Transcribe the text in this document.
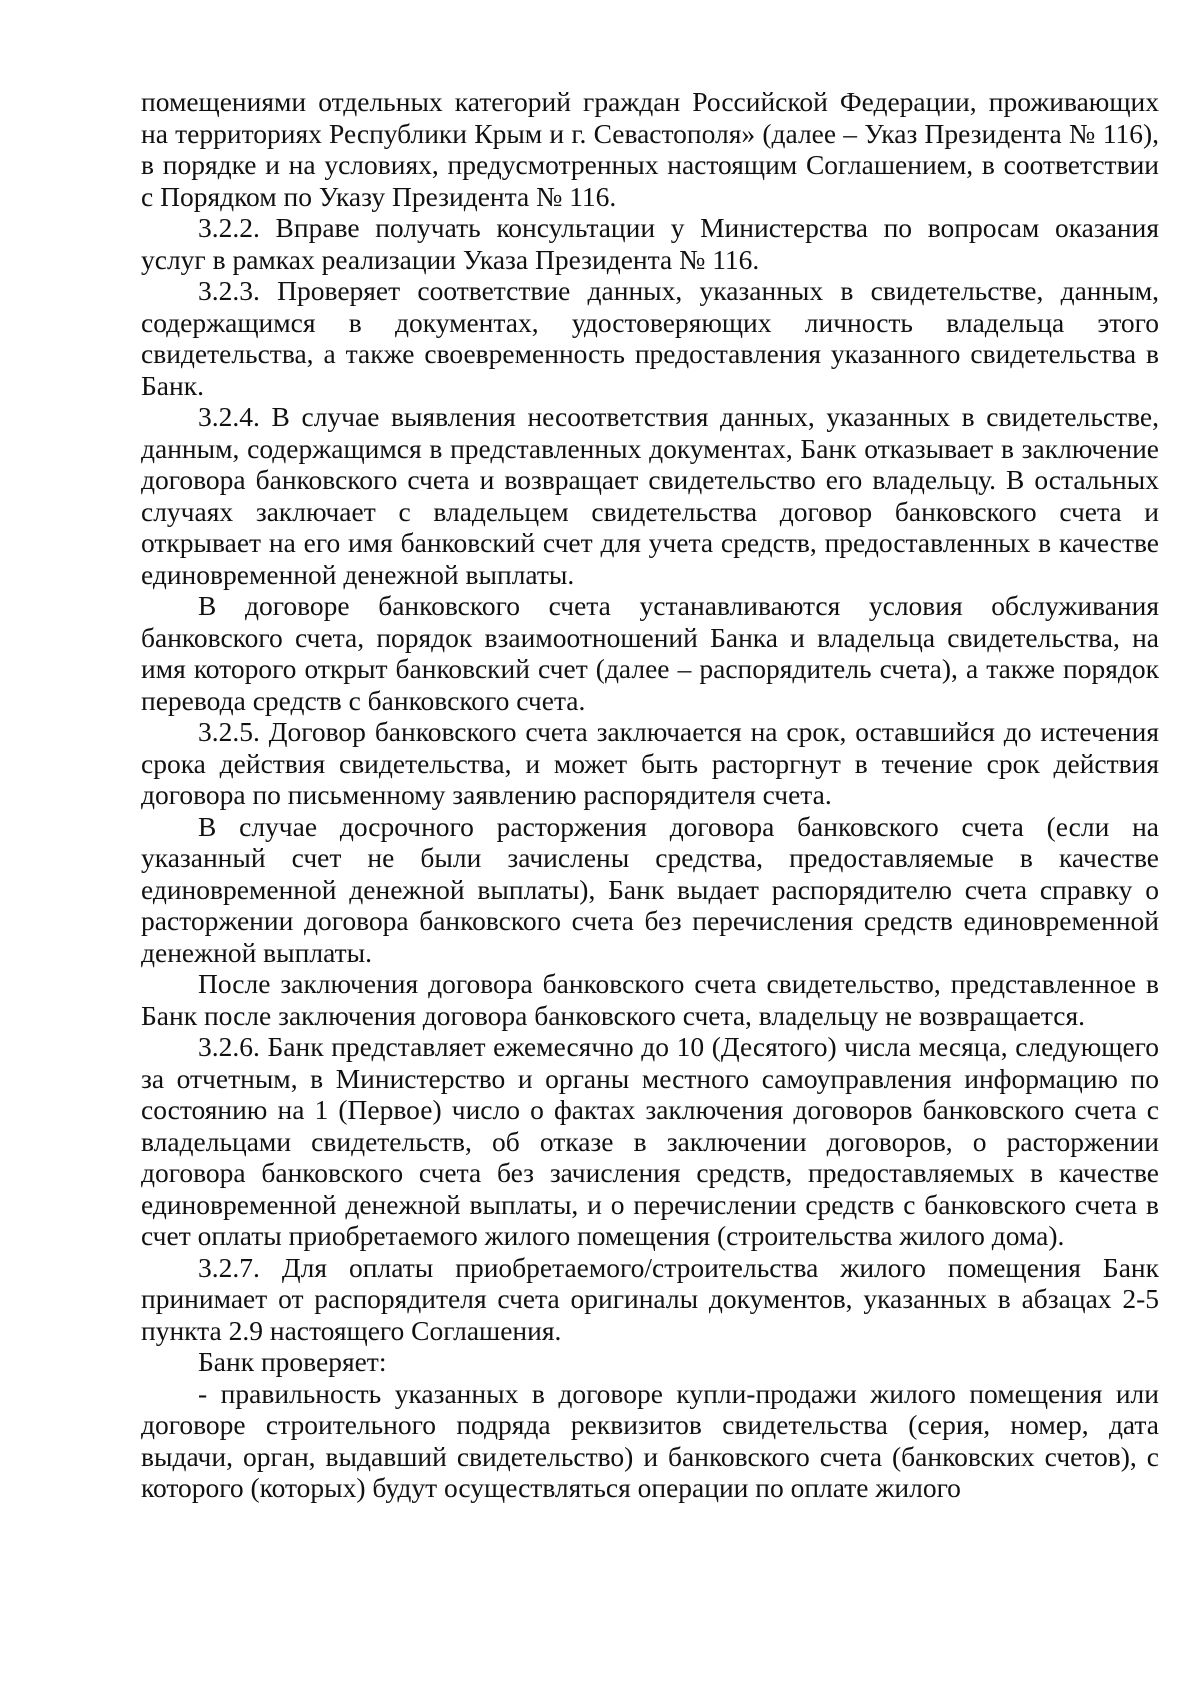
помещениями отдельных категорий граждан Российской Федерации, проживающих на территориях Республики Крым и г. Севастополя» (далее – Указ Президента № 116), в порядке и на условиях, предусмотренных настоящим Соглашением, в соответствии с Порядком по Указу Президента № 116.

3.2.2. Вправе получать консультации у Министерства по вопросам оказания услуг в рамках реализации Указа Президента № 116.

3.2.3. Проверяет соответствие данных, указанных в свидетельстве, данным, содержащимся в документах, удостоверяющих личность владельца этого свидетельства, а также своевременность предоставления указанного свидетельства в Банк.

3.2.4. В случае выявления несоответствия данных, указанных в свидетельстве, данным, содержащимся в представленных документах, Банк отказывает в заключение договора банковского счета и возвращает свидетельство его владельцу. В остальных случаях заключает с владельцем свидетельства договор банковского счета и открывает на его имя банковский счет для учета средств, предоставленных в качестве единовременной денежной выплаты.

В договоре банковского счета устанавливаются условия обслуживания банковского счета, порядок взаимоотношений Банка и владельца свидетельства, на имя которого открыт банковский счет (далее – распорядитель счета), а также порядок перевода средств с банковского счета.

3.2.5. Договор банковского счета заключается на срок, оставшийся до истечения срока действия свидетельства, и может быть расторгнут в течение срок действия договора по письменному заявлению распорядителя счета.

В случае досрочного расторжения договора банковского счета (если на указанный счет не были зачислены средства, предоставляемые в качестве единовременной денежной выплаты), Банк выдает распорядителю счета справку о расторжении договора банковского счета без перечисления средств единовременной денежной выплаты.

После заключения договора банковского счета свидетельство, представленное в Банк после заключения договора банковского счета, владельцу не возвращается.

3.2.6. Банк представляет ежемесячно до 10 (Десятого) числа месяца, следующего за отчетным, в Министерство и органы местного самоуправления информацию по состоянию на 1 (Первое) число о фактах заключения договоров банковского счета с владельцами свидетельств, об отказе в заключении договоров, о расторжении договора банковского счета без зачисления средств, предоставляемых в качестве единовременной денежной выплаты, и о перечислении средств с банковского счета в счет оплаты приобретаемого жилого помещения (строительства жилого дома).

3.2.7. Для оплаты приобретаемого/строительства жилого помещения Банк принимает от распорядителя счета оригиналы документов, указанных в абзацах 2-5 пункта 2.9 настоящего Соглашения.

Банк проверяет:

- правильность указанных в договоре купли-продажи жилого помещения или договоре строительного подряда реквизитов свидетельства (серия, номер, дата выдачи, орган, выдавший свидетельство) и банковского счета (банковских счетов), с которого (которых) будут осуществляться операции по оплате жилого
